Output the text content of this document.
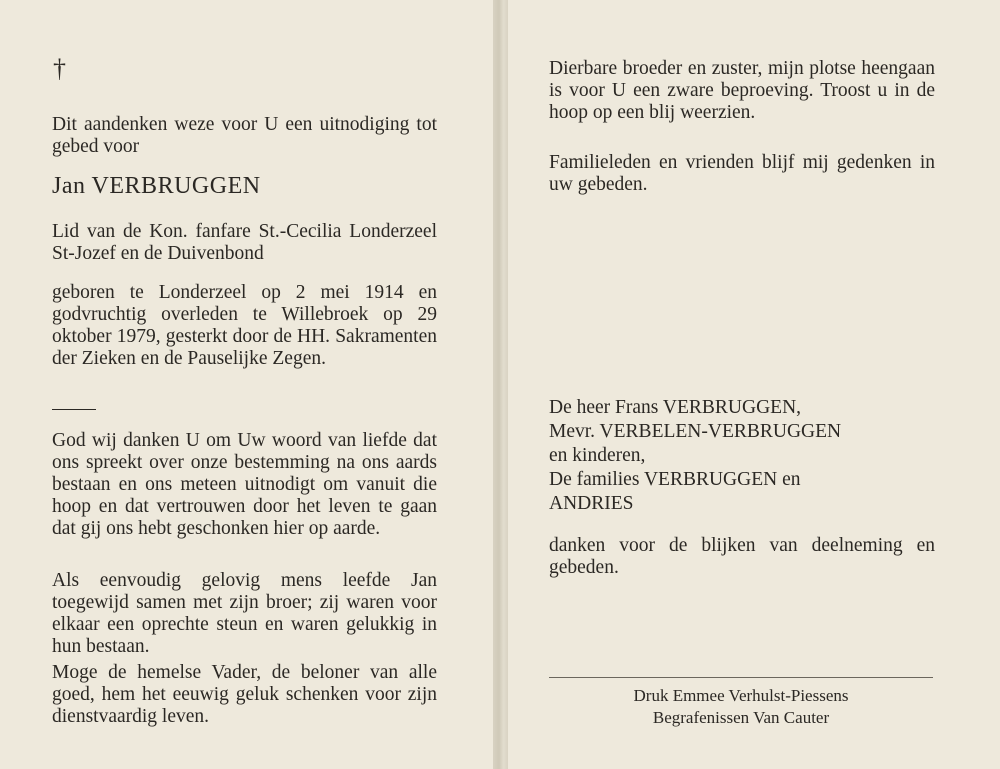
†

Dit aandenken weze voor U een uitnodiging tot gebed voor

Jan VERBRUGGEN

Lid van de Kon. fanfare St.-Cecilia Londerzeel St-Jozef en de Duivenbond

geboren te Londerzeel op 2 mei 1914 en godvruchtig overleden te Willebroek op 29 oktober 1979, gesterkt door de HH. Sakramenten der Zieken en de Pauselijke Zegen.

God wij danken U om Uw woord van liefde dat ons spreekt over onze bestemming na ons aards bestaan en ons meteen uitnodigt om vanuit die hoop en dat vertrouwen door het leven te gaan dat gij ons hebt geschonken hier op aarde.

Als eenvoudig gelovig mens leefde Jan toegewijd samen met zijn broer; zij waren voor elkaar een oprechte steun en waren gelukkig in hun bestaan.

Moge de hemelse Vader, de beloner van alle goed, hem het eeuwig geluk schenken voor zijn dienstvaardig leven.

Dierbare broeder en zuster, mijn plotse heengaan is voor U een zware beproeving. Troost u in de hoop op een blij weerzien.

Familieleden en vrienden blijf mij gedenken in uw gebeden.

De heer Frans VERBRUGGEN,
Mevr. VERBELEN-VERBRUGGEN
en kinderen,
De families VERBRUGGEN en
ANDRIES

danken voor de blijken van deelneming en gebeden.

Druk Emmee Verhulst-Piessens
Begrafenissen Van Cauter
